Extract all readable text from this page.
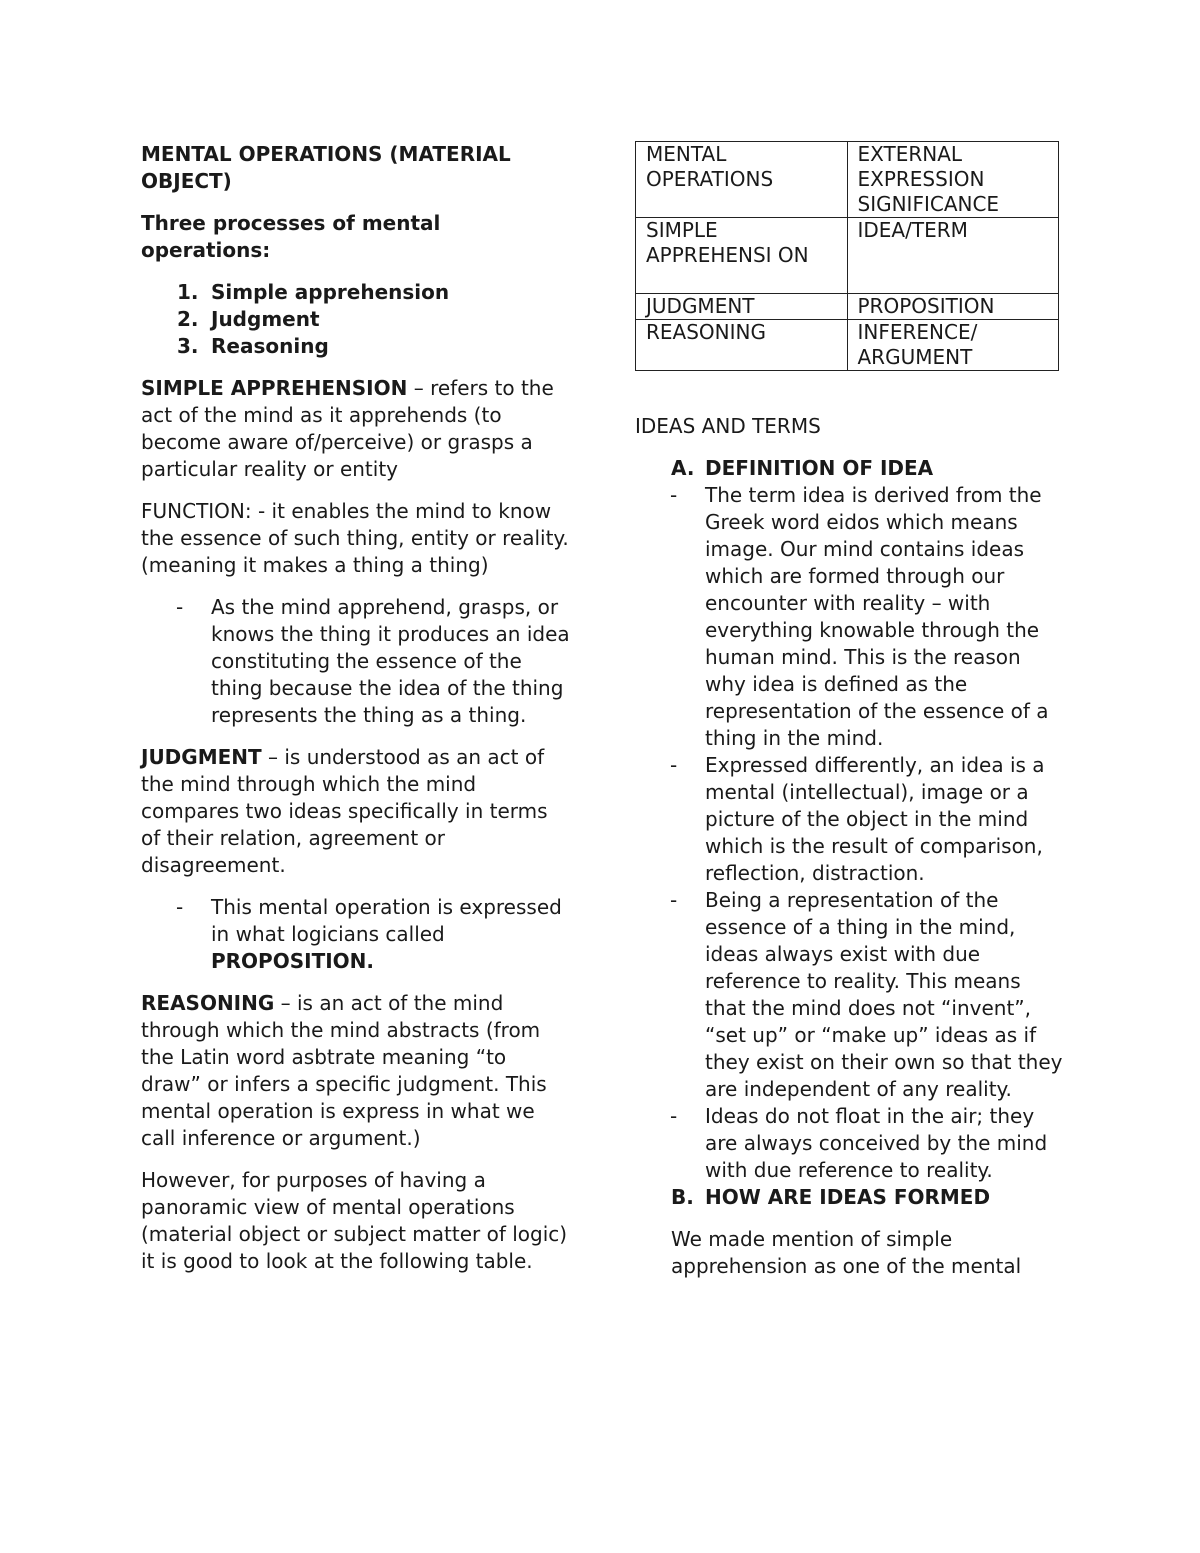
MENTAL OPERATIONS (MATERIAL OBJECT)

Three processes of mental operations:

1. Simple apprehension
2. Judgment
3. Reasoning

SIMPLE APPREHENSION – refers to the act of the mind as it apprehends (to become aware of/perceive) or grasps a particular reality or entity

FUNCTION: - it enables the mind to know the essence of such thing, entity or reality. (meaning it makes a thing a thing)

- As the mind apprehend, grasps, or knows the thing it produces an idea constituting the essence of the thing because the idea of the thing represents the thing as a thing.

JUDGMENT – is understood as an act of the mind through which the mind compares two ideas specifically in terms of their relation, agreement or disagreement.

- This mental operation is expressed in what logicians called PROPOSITION.

REASONING – is an act of the mind through which the mind abstracts (from the Latin word asbtrate meaning “to draw” or infers a specific judgment. This mental operation is express in what we call inference or argument.)

However, for purposes of having a panoramic view of mental operations (material object or subject matter of logic) it is good to look at the following table.

MENTAL OPERATIONS	EXTERNAL EXPRESSION SIGNIFICANCE
SIMPLE APPREHENSI ON	IDEA/TERM
JUDGMENT	PROPOSITION
REASONING	INFERENCE/ ARGUMENT

IDEAS AND TERMS

A. DEFINITION OF IDEA

- The term idea is derived from the Greek word eidos which means image. Our mind contains ideas which are formed through our encounter with reality – with everything knowable through the human mind. This is the reason why idea is defined as the representation of the essence of a thing in the mind.
- Expressed differently, an idea is a mental (intellectual), image or a picture of the object in the mind which is the result of comparison, reflection, distraction.
- Being a representation of the essence of a thing in the mind, ideas always exist with due reference to reality. This means that the mind does not “invent”, “set up” or “make up” ideas as if they exist on their own so that they are independent of any reality.
- Ideas do not float in the air; they are always conceived by the mind with due reference to reality.

B. HOW ARE IDEAS FORMED

We made mention of simple apprehension as one of the mental
